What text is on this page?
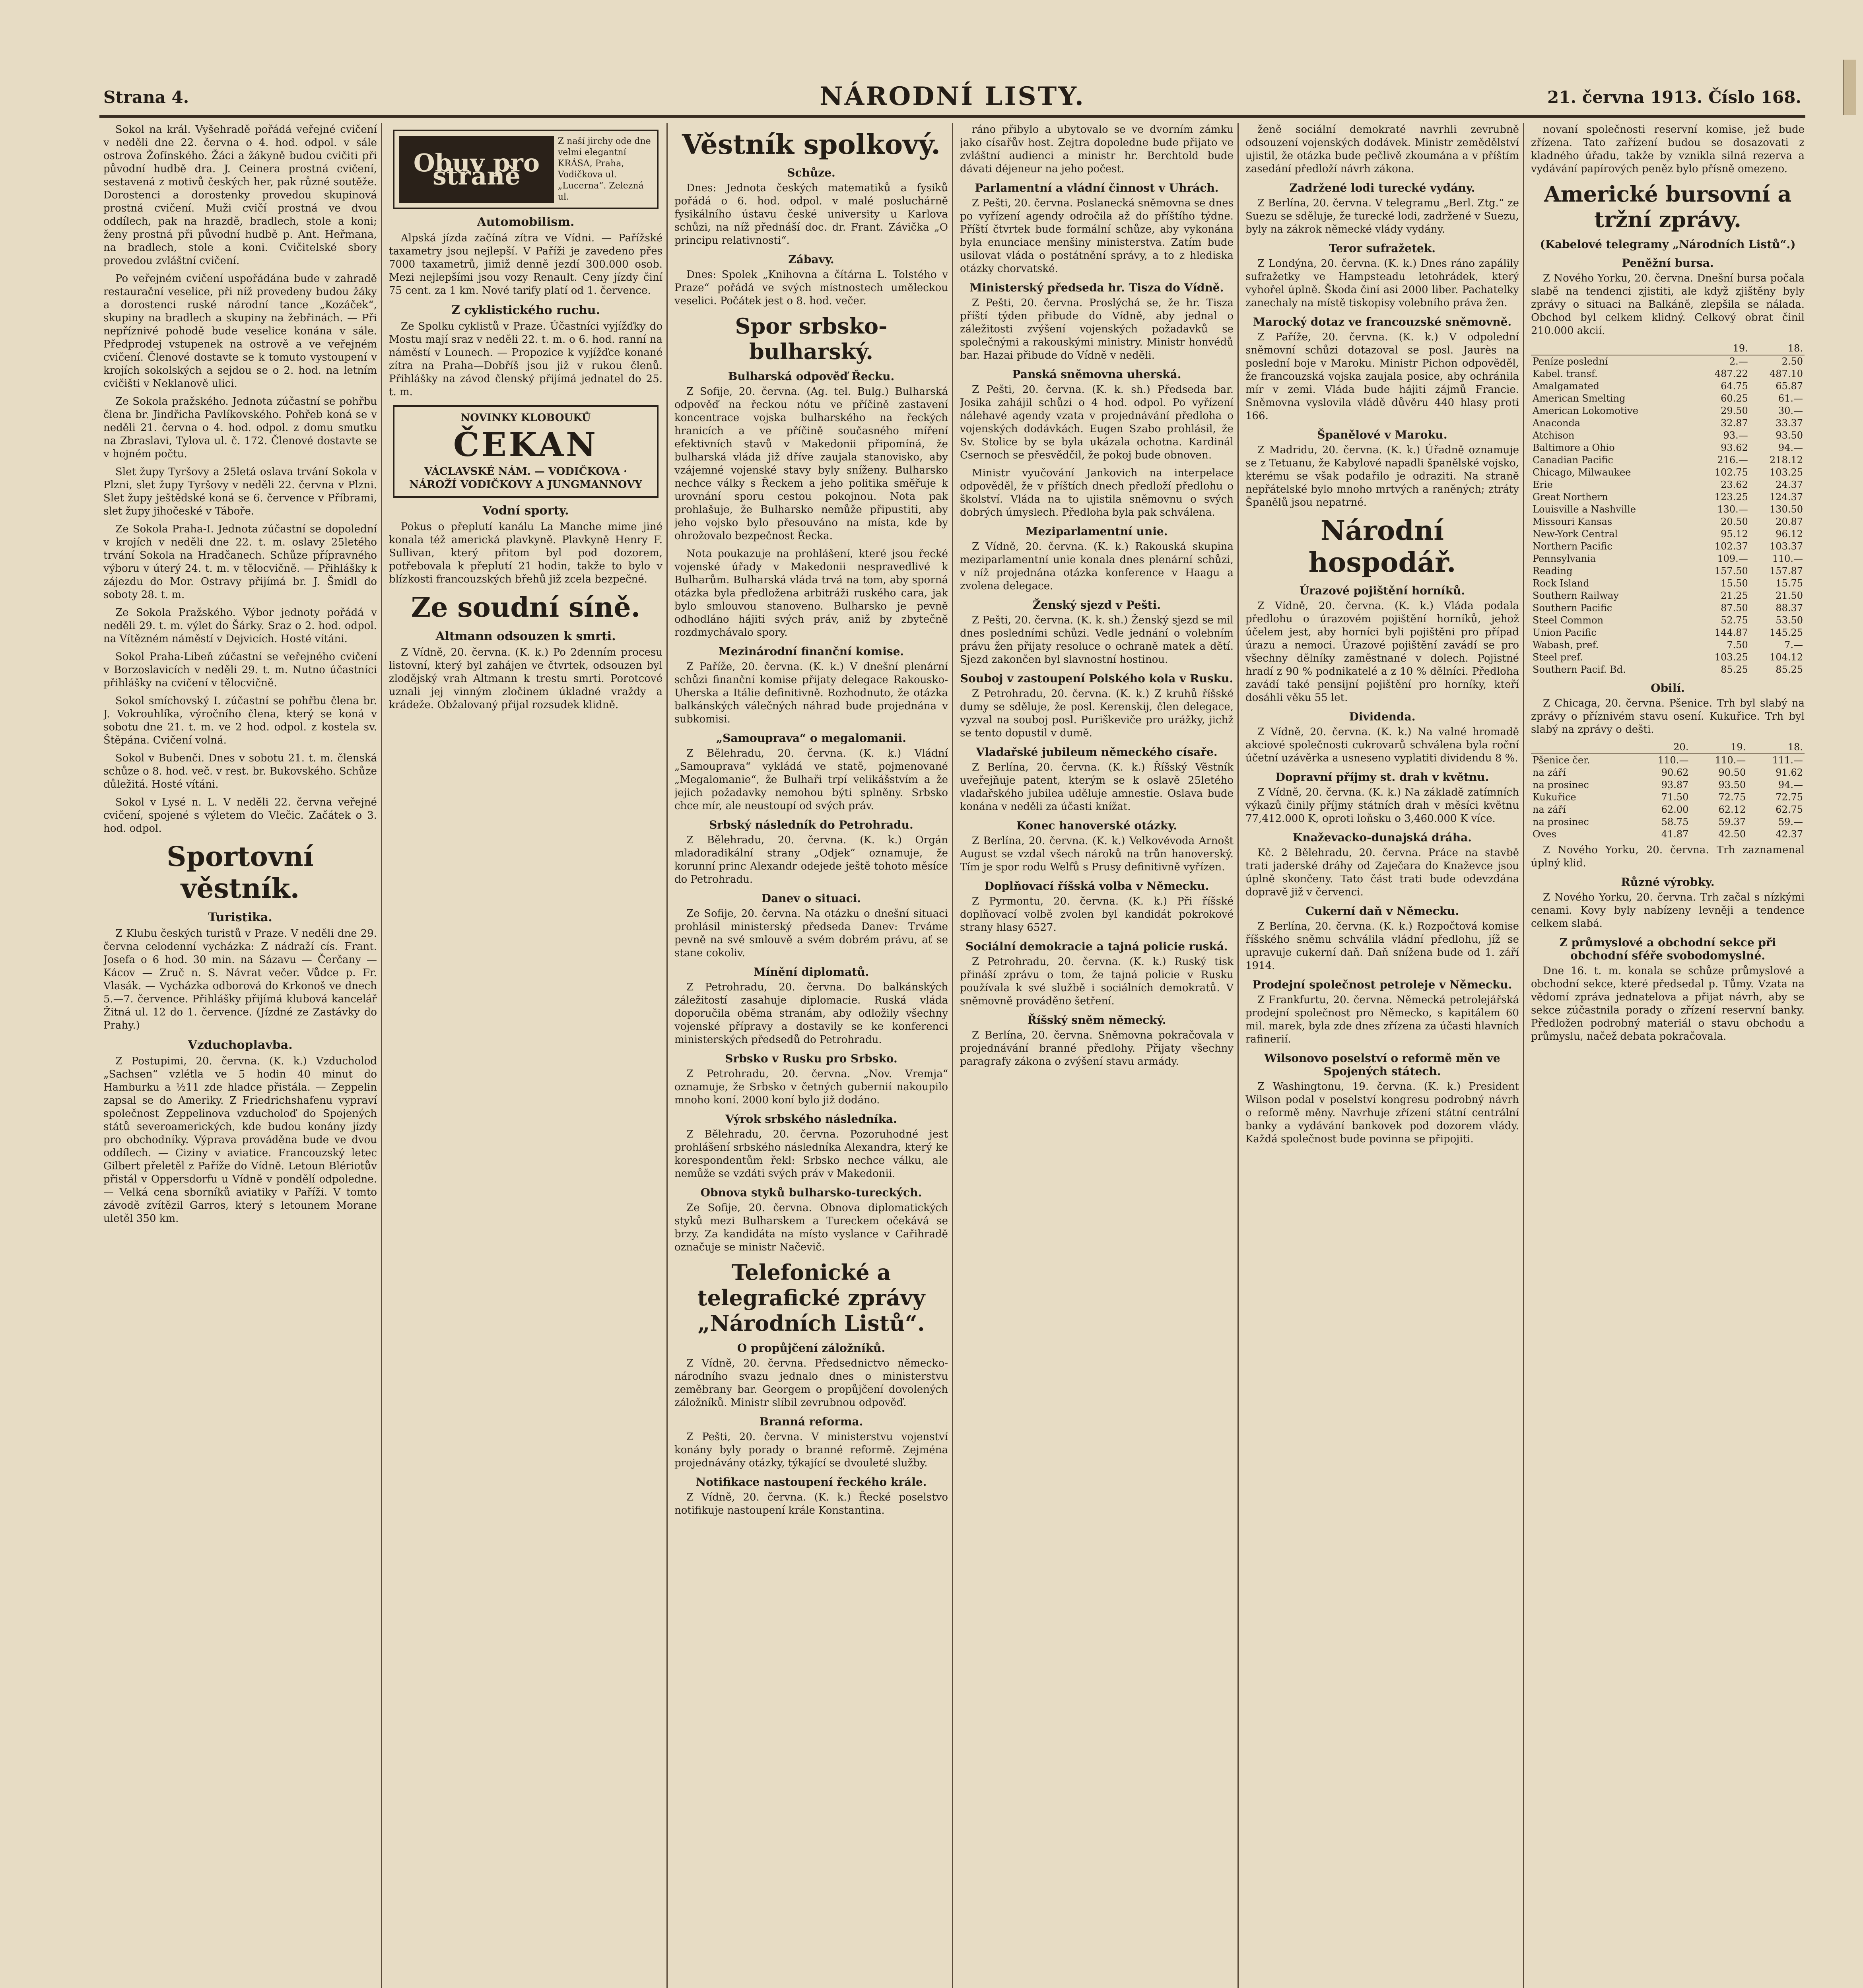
Strana 4.	NÁRODNÍ LISTY.	21. června 1913. Číslo 168.

Sokol na král. Vyšehradě pořádá veřejné cvičení v neděli dne 22. června o 4. hod. odpol. v sále ostrova Žofínského. Žáci a žákyně budou cvičiti při původní hudbě dra. J. Ceinera prostná cvičení, sestavená z motivů českých her, pak různé soutěže. Dorostenci a dorostenky provedou skupinová prostná cvičení. Muži cvičí prostná ve dvou oddílech, pak na hrazdě, bradlech, stole a koni; ženy prostná při původní hudbě p. Ant. Heřmana, na bradlech, stole a koni. Cvičitelské sbory provedou zvláštní cvičení.

Po veřejném cvičení uspořádána bude v zahradě restaurační veselice, při níž provedeny budou žáky a dorostenci ruské národní tance „Kozáček“, skupiny na bradlech a skupiny na žebřinách. — Při nepříznivé pohodě bude veselice konána v sále. Předprodej vstupenek na ostrově a ve veřejném cvičení. Členové dostavte se k tomuto vystoupení v krojích sokolských a sejdou se o 2. hod. na letním cvičišti v Neklanově ulici.

Ze Sokola pražského. Jednota zúčastní se pohřbu člena br. Jindřicha Pavlíkovského. Pohřeb koná se v neděli 21. června o 4. hod. odpol. z domu smutku na Zbraslavi, Tylova ul. č. 172. Členové dostavte se v hojném počtu.

Slet župy Tyršovy a 25letá oslava trvání Sokola v Plzni, slet župy Tyršovy v neděli 22. června v Plzni. Slet župy ještědské koná se 6. července v Příbrami, slet župy jihočeské v Táboře.

Ze Sokola Praha-I. Jednota zúčastní se dopolední v krojích v neděli dne 22. t. m. oslavy 25letého trvání Sokola na Hradčanech. Schůze přípravného výboru v úterý 24. t. m. v tělocvičně. — Přihlášky k zájezdu do Mor. Ostravy přijímá br. J. Šmidl do soboty 28. t. m.

Ze Sokola Pražského. Výbor jednoty pořádá v neděli 29. t. m. výlet do Šárky. Sraz o 2. hod. odpol. na Vítězném náměstí v Dejvicích. Hosté vítáni.

Sokol Praha-Libeň zúčastní se veřejného cvičení v Borzoslavicích v neděli 29. t. m. Nutno účastníci přihlášky na cvičení v tělocvičně.

Sokol smíchovský I. zúčastní se pohřbu člena br. J. Vokrouhlíka, výročního člena, který se koná v sobotu dne 21. t. m. ve 2 hod. odpol. z kostela sv. Štěpána. Cvičení volná.

Sokol v Bubenči. Dnes v sobotu 21. t. m. členská schůze o 8. hod. več. v rest. br. Bukovského. Schůze důležitá. Hosté vítáni.

Sokol v Lysé n. L. V neděli 22. června veřejné cvičení, spojené s výletem do Vlečic. Začátek o 3. hod. odpol.

Sportovní věstník.
Turistika.

Z Klubu českých turistů v Praze. V neděli dne 29. června celodenní vycházka: Z nádraží cís. Frant. Josefa o 6 hod. 30 min. na Sázavu — Čerčany — Kácov — Zruč n. S. Návrat večer. Vůdce p. Fr. Vlasák. — Vycházka odborová do Krkonoš ve dnech 5.—7. července. Přihlášky přijímá klubová kancelář Žitná ul. 12 do 1. července. (Jízdné ze Zastávky do Prahy.)

Vzduchoplavba.

Z Postupimi, 20. června. (K. k.) Vzducholoď „Sachsen“ vzlétla ve 5 hodin 40 minut do Hamburku a ½11 zde hladce přistála. — Zeppelin zapsal se do Ameriky. Z Friedrichshafenu vypraví společnost Zeppelinova vzducholoď do Spojených států severoamerických, kde budou konány jízdy pro obchodníky. Výprava prováděna bude ve dvou oddílech. — Ciziny v aviatice. Francouzský letec Gilbert přeletěl z Paříže do Vídně. Letoun Blériotův přistál v Oppersdorfu u Vídně v pondělí odpoledne. — Velká cena sborníků aviatiky v Paříži. V tomto závodě zvítězil Garros, který s letounem Morane uletěl 350 km.

Obuv pro stráně
Z naší jirchy ode dne velmi elegantní KRÁSA, Praha, Vodičkova ul. „Lucerna“. Zelezná ul.
Automobilism.

Alpská jízda začíná zítra ve Vídni. — Pařížské taxametry jsou nejlepší. V Paříži je zavedeno přes 7000 taxametrů, jimiž denně jezdí 300.000 osob. Mezi nejlepšími jsou vozy Renault. Ceny jízdy činí 75 cent. za 1 km. Nové tarify platí od 1. července.

Z cyklistického ruchu.

Ze Spolku cyklistů v Praze. Účastníci vyjížďky do Mostu mají sraz v neděli 22. t. m. o 6. hod. ranní na náměstí v Lounech. — Propozice k vyjížďce konané zítra na Praha—Dobříš jsou již v rukou členů. Přihlášky na závod členský přijímá jednatel do 25. t. m.

NOVINKY KLOBOUKŮ
ČEKAN
VÁCLAVSKÉ NÁM. — VODIČKOVA · NÁROŽÍ VODIČKOVY A JUNGMANNOVY
Vodní sporty.

Pokus o přeplutí kanálu La Manche mime jiné konala též americká plavkyně. Plavkyně Henry F. Sullivan, který přitom byl pod dozorem, potřebovala k přeplutí 21 hodin, takže to bylo v blízkosti francouzských břehů již zcela bezpečné.

Ze soudní síně.
Altmann odsouzen k smrti.

Z Vídně, 20. června. (K. k.) Po 2denním procesu listovní, který byl zahájen ve čtvrtek, odsouzen byl zlodějský vrah Altmann k trestu smrti. Porotcové uznali jej vinným zločinem úkladné vraždy a krádeže. Obžalovaný přijal rozsudek klidně.

Věstník spolkový.
Schůze.

Dnes: Jednota českých matematiků a fysiků pořádá o 6. hod. odpol. v malé posluchárně fysikálního ústavu české university u Karlova schůzi, na níž přednáší doc. dr. Frant. Závička „O principu relativnosti“.

Zábavy.

Dnes: Spolek „Knihovna a čítárna L. Tolstého v Praze“ pořádá ve svých místnostech uměleckou veselici. Počátek jest o 8. hod. večer.

Spor srbsko-bulharský.
Bulharská odpověď Řecku.

Z Sofije, 20. června. (Ag. tel. Bulg.) Bulharská odpověď na řeckou nótu ve příčině zastavení koncentrace vojska bulharského na řeckých hranicích a ve příčině současného míření efektivních stavů v Makedonii připomíná, že bulharská vláda již dříve zaujala stanovisko, aby vzájemné vojenské stavy byly sníženy. Bulharsko nechce války s Řeckem a jeho politika směřuje k urovnání sporu cestou pokojnou. Nota pak prohlašuje, že Bulharsko nemůže připustiti, aby jeho vojsko bylo přesouváno na místa, kde by ohrožovalo bezpečnost Řecka.

Nota poukazuje na prohlášení, které jsou řecké vojenské úřady v Makedonii nespravedlivé k Bulharům. Bulharská vláda trvá na tom, aby sporná otázka byla předložena arbitráži ruského cara, jak bylo smlouvou stanoveno. Bulharsko je pevně odhodláno hájiti svých práv, aniž by zbytečně rozdmychávalo spory.

Mezinárodní finanční komise.

Z Paříže, 20. června. (K. k.) V dnešní plenární schůzi finanční komise přijaty delegace Rakousko-Uherska a Itálie definitivně. Rozhodnuto, že otázka balkánských válečných náhrad bude projednána v subkomisi.

„Samouprava“ o megalomanii.

Z Bělehradu, 20. června. (K. k.) Vládní „Samouprava“ vykládá ve statě, pojmenované „Megalomanie“, že Bulhaři trpí velikášstvím a že jejich požadavky nemohou býti splněny. Srbsko chce mír, ale neustoupí od svých práv.

Srbský následník do Petrohradu.

Z Bělehradu, 20. června. (K. k.) Orgán mladoradikální strany „Odjek“ oznamuje, že korunní princ Alexandr odejede ještě tohoto měsíce do Petrohradu.

Danev o situaci.

Ze Sofije, 20. června. Na otázku o dnešní situaci prohlásil ministerský předseda Danev: Trváme pevně na své smlouvě a svém dobrém právu, ať se stane cokoliv.

Mínění diplomatů.

Z Petrohradu, 20. června. Do balkánských záležitostí zasahuje diplomacie. Ruská vláda doporučila oběma stranám, aby odložily všechny vojenské přípravy a dostavily se ke konferenci ministerských předsedů do Petrohradu.

Srbsko v Rusku pro Srbsko.

Z Petrohradu, 20. června. „Nov. Vremja“ oznamuje, že Srbsko v četných gubernií nakoupilo mnoho koní. 2000 koní bylo již dodáno.

Výrok srbského následníka.

Z Bělehradu, 20. června. Pozoruhodné jest prohlášení srbského následníka Alexandra, který ke korespondentům řekl: Srbsko nechce válku, ale nemůže se vzdáti svých práv v Makedonii.

Obnova styků bulharsko-tureckých.

Ze Sofije, 20. června. Obnova diplomatických styků mezi Bulharskem a Tureckem očekává se brzy. Za kandidáta na místo vyslance v Cařihradě označuje se ministr Načevič.

Telefonické a telegrafické zprávy „Národních Listů“.
O propůjčení záložníků.

Z Vídně, 20. června. Předsednictvo německo-národního svazu jednalo dnes o ministerstvu zeměbrany bar. Georgem o propůjčení dovolených záložníků. Ministr slíbil zevrubnou odpověď.

Branná reforma.

Z Pešti, 20. června. V ministerstvu vojenství konány byly porady o branné reformě. Zejména projednávány otázky, týkající se dvouleté služby.

Notifikace nastoupení řeckého krále.

Z Vídně, 20. června. (K. k.) Řecké poselstvo notifikuje nastoupení krále Konstantina.

ráno přibylo a ubytovalo se ve dvorním zámku jako císařův host. Zejtra dopoledne bude přijato ve zvláštní audienci a ministr hr. Berchtold bude dávati déjeneur na jeho počest.

Parlamentní a vládní činnost v Uhrách.

Z Pešti, 20. června. Poslanecká sněmovna se dnes po vyřízení agendy odročila až do příštího týdne. Příští čtvrtek bude formální schůze, aby vykonána byla enunciace menšiny ministerstva. Zatím bude usilovat vláda o postátnění správy, a to z hlediska otázky chorvatské.

Ministerský předseda hr. Tisza do Vídně.

Z Pešti, 20. června. Proslýchá se, že hr. Tisza příští týden přibude do Vídně, aby jednal o záležitosti zvýšení vojenských požadavků se společnými a rakouskými ministry. Ministr honvédů bar. Hazai přibude do Vídně v neděli.

Panská sněmovna uherská.

Z Pešti, 20. června. (K. k. sh.) Předseda bar. Josika zahájil schůzi o 4 hod. odpol. Po vyřízení nálehavé agendy vzata v projednávání předloha o vojenských dodávkách. Eugen Szabo prohlásil, že Sv. Stolice by se byla ukázala ochotna. Kardinál Csernoch se přesvědčil, že pokoj bude obnoven.

Ministr vyučování Jankovich na interpelace odpověděl, že v příštích dnech předloží předlohu o školství. Vláda na to ujistila sněmovnu o svých dobrých úmyslech. Předloha byla pak schválena.

Meziparlamentní unie.

Z Vídně, 20. června. (K. k.) Rakouská skupina meziparlamentní unie konala dnes plenární schůzi, v níž projednána otázka konference v Haagu a zvolena delegace.

Ženský sjezd v Pešti.

Z Pešti, 20. června. (K. k. sh.) Ženský sjezd se mil dnes posledními schůzi. Vedle jednání o volebním právu žen přijaty resoluce o ochraně matek a dětí. Sjezd zakončen byl slavnostní hostinou.

Souboj v zastoupení Polského kola v Rusku.

Z Petrohradu, 20. června. (K. k.) Z kruhů říšské dumy se sděluje, že posl. Kerenskij, člen delegace, vyzval na souboj posl. Puriškeviče pro urážky, jichž se tento dopustil v dumě.

Vladařské jubileum německého císaře.

Z Berlína, 20. června. (K. k.) Říšský Věstník uveřejňuje patent, kterým se k oslavě 25letého vladařského jubilea uděluje amnestie. Oslava bude konána v neděli za účasti knížat.

Konec hanoverské otázky.

Z Berlína, 20. června. (K. k.) Velkovévoda Arnošt August se vzdal všech nároků na trůn hanoverský. Tím je spor rodu Welfů s Prusy definitivně vyřízen.

Doplňovací říšská volba v Německu.

Z Pyrmontu, 20. června. (K. k.) Při říšské doplňovací volbě zvolen byl kandidát pokrokové strany hlasy 6527.

Sociální demokracie a tajná policie ruská.

Z Petrohradu, 20. června. (K. k.) Ruský tisk přináší zprávu o tom, že tajná policie v Rusku používala k své službě i sociálních demokratů. V sněmovně prováděno šetření.

Říšský sněm německý.

Z Berlína, 20. června. Sněmovna pokračovala v projednávání branné předlohy. Přijaty všechny paragrafy zákona o zvýšení stavu armády.

ženě sociální demokraté navrhli zevrubně odsouzení vojenských dodávek. Ministr zemědělství ujistil, že otázka bude pečlivě zkoumána a v příštím zasedání předloží návrh zákona.

Zadržené lodi turecké vydány.

Z Berlína, 20. června. V telegramu „Berl. Ztg.“ ze Suezu se sděluje, že turecké lodi, zadržené v Suezu, byly na zákrok německé vlády vydány.

Teror sufražetek.

Z Londýna, 20. června. (K. k.) Dnes ráno zapálily sufražetky ve Hampsteadu letohrádek, který vyhořel úplně. Škoda činí asi 2000 liber. Pachatelky zanechaly na místě tiskopisy volebního práva žen.

Marocký dotaz ve francouzské sněmovně.

Z Paříže, 20. června. (K. k.) V odpolední sněmovní schůzi dotazoval se posl. Jaurès na poslední boje v Maroku. Ministr Pichon odpověděl, že francouzská vojska zaujala posice, aby ochránila mír v zemi. Vláda bude hájiti zájmů Francie. Sněmovna vyslovila vládě důvěru 440 hlasy proti 166.

Španělové v Maroku.

Z Madridu, 20. června. (K. k.) Úřadně oznamuje se z Tetuanu, že Kabylové napadli španělské vojsko, kterému se však podařilo je odraziti. Na straně nepřátelské bylo mnoho mrtvých a raněných; ztráty Španělů jsou nepatrné.

Národní hospodář.
Úrazové pojištění horníků.

Z Vídně, 20. června. (K. k.) Vláda podala předlohu o úrazovém pojištění horníků, jehož účelem jest, aby horníci byli pojištěni pro případ úrazu a nemoci. Úrazové pojištění zavádí se pro všechny dělníky zaměstnané v dolech. Pojistné hradí z 90 % podnikatelé a z 10 % dělníci. Předloha zavádí také pensijní pojištění pro horníky, kteří dosáhli věku 55 let.

Dividenda.

Z Vídně, 20. června. (K. k.) Na valné hromadě akciové společnosti cukrovarů schválena byla roční účetní uzávěrka a usneseno vyplatiti dividendu 8 %.

Dopravní příjmy st. drah v květnu.

Z Vídně, 20. června. (K. k.) Na základě zatímních výkazů činily příjmy státních drah v měsíci květnu 77,412.000 K, oproti loňsku o 3,460.000 K více.

Knaževacko-dunajská dráha.

Kč. 2 Bělehradu, 20. června. Práce na stavbě trati jaderské dráhy od Zaječara do Knaževce jsou úplně skončeny. Tato část trati bude odevzdána dopravě již v červenci.

Cukerní daň v Německu.

Z Berlína, 20. června. (K. k.) Rozpočtová komise říšského sněmu schválila vládní předlohu, jíž se upravuje cukerní daň. Daň snížena bude od 1. září 1914.

Prodejní společnost petroleje v Německu.

Z Frankfurtu, 20. června. Německá petrolejářská prodejní společnost pro Německo, s kapitálem 60 mil. marek, byla zde dnes zřízena za účasti hlavních rafinerií.

Wilsonovo poselství o reformě měn ve Spojených státech.

Z Washingtonu, 19. června. (K. k.) President Wilson podal v poselství kongresu podrobný návrh o reformě měny. Navrhuje zřízení státní centrální banky a vydávání bankovek pod dozorem vlády. Každá společnost bude povinna se připojiti.

novaní společnosti reservní komise, jež bude zřízena. Tato zařízení budou se dosazovati z kladného úřadu, takže by vznikla silná rezerva a vydávání papírových peněz bylo přísně omezeno.

Americké bursovní a tržní zprávy.
(Kabelové telegramy „Národních Listů“.)
Peněžní bursa.

Z Nového Yorku, 20. června. Dnešní bursa počala slabě na tendenci zjistiti, ale když zjištěny byly zprávy o situaci na Balkáně, zlepšila se nálada. Obchod byl celkem klidný. Celkový obrat činil 210.000 akcií.

	19.	18.
Peníze poslední	2.—	2.50
Kabel. transf.	487.22	487.10
Amalgamated	64.75	65.87
American Smelting	60.25	61.—
American Lokomotive	29.50	30.—
Anaconda	32.87	33.37
Atchison	93.—	93.50
Baltimore a Ohio	93.62	94.—
Canadian Pacific	216.—	218.12
Chicago, Milwaukee	102.75	103.25
Erie	23.62	24.37
Great Northern	123.25	124.37
Louisville a Nashville	130.—	130.50
Missouri Kansas	20.50	20.87
New-York Central	95.12	96.12
Northern Pacific	102.37	103.37
Pennsylvania	109.—	110.—
Reading	157.50	157.87
Rock Island	15.50	15.75
Southern Railway	21.25	21.50
Southern Pacific	87.50	88.37
Steel Common	52.75	53.50
Union Pacific	144.87	145.25
Wabash, pref.	7.50	7.—
Steel pref.	103.25	104.12
Southern Pacif. Bd.	85.25	85.25
Obilí.

Z Chicaga, 20. června. Pšenice. Trh byl slabý na zprávy o příznivém stavu osení. Kukuřice. Trh byl slabý na zprávy o dešti.

	20.	19.	18.
Pšenice čer.	110.—	110.—	111.—
na září	90.62	90.50	91.62
na prosinec	93.87	93.50	94.—
Kukuřice	71.50	72.75	72.75
na září	62.00	62.12	62.75
na prosinec	58.75	59.37	59.—
Oves	41.87	42.50	42.37

Z Nového Yorku, 20. června. Trh zaznamenal úplný klid.

Různé výrobky.

Z Nového Yorku, 20. června. Trh začal s nízkými cenami. Kovy byly nabízeny levněji a tendence celkem slabá.

Z průmyslové a obchodní sekce při obchodní sféře svobodomyslné.

Dne 16. t. m. konala se schůze průmyslové a obchodní sekce, které předsedal p. Tůmy. Vzata na vědomí zpráva jednatelova a přijat návrh, aby se sekce zúčastnila porady o zřízení reservní banky. Předložen podrobný materiál o stavu obchodu a průmyslu, načež debata pokračovala.
